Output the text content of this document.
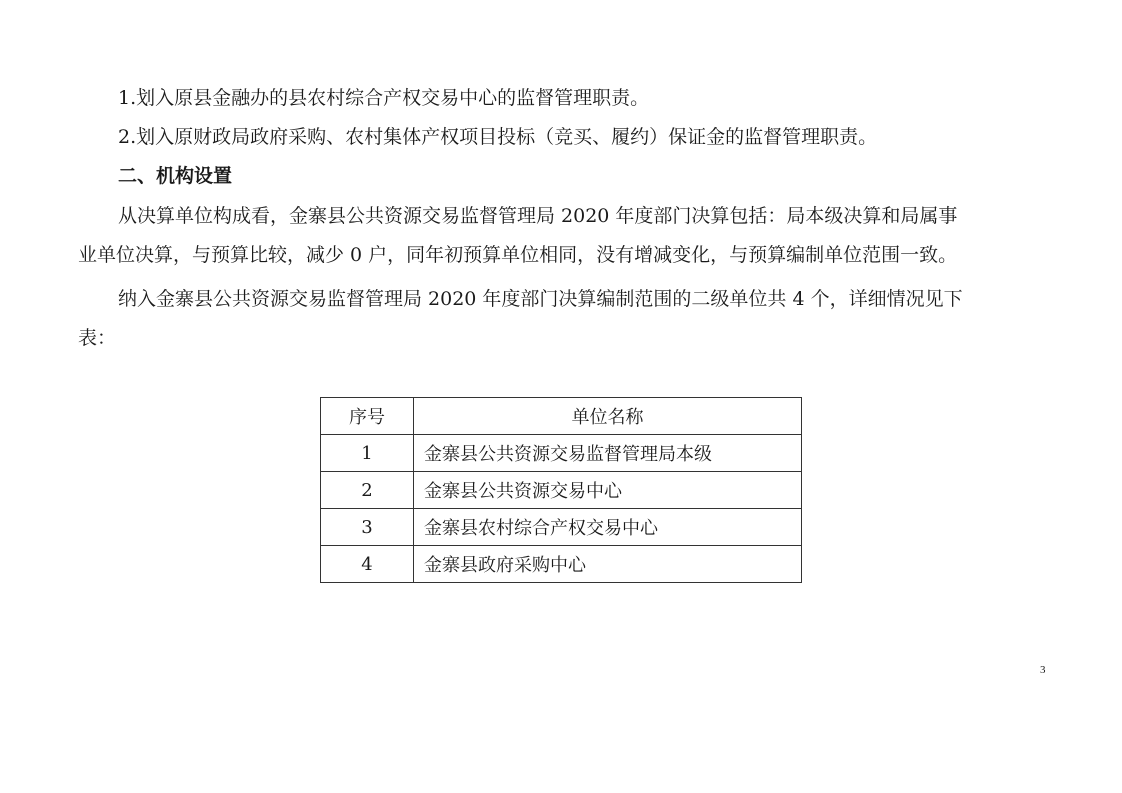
1.划入原县金融办的县农村综合产权交易中心的监督管理职责。
2.划入原财政局政府采购、农村集体产权项目投标（竞买、履约）保证金的监督管理职责。
二、机构设置
从决算单位构成看，金寨县公共资源交易监督管理局 2020 年度部门决算包括：局本级决算和局属事
业单位决算，与预算比较，减少 0 户，同年初预算单位相同，没有增减变化，与预算编制单位范围一致。
纳入金寨县公共资源交易监督管理局 2020 年度部门决算编制范围的二级单位共 4 个，详细情况见下
表：
序号	单位名称
1	金寨县公共资源交易监督管理局本级
2	金寨县公共资源交易中心
3	金寨县农村综合产权交易中心
4	金寨县政府采购中心
3
